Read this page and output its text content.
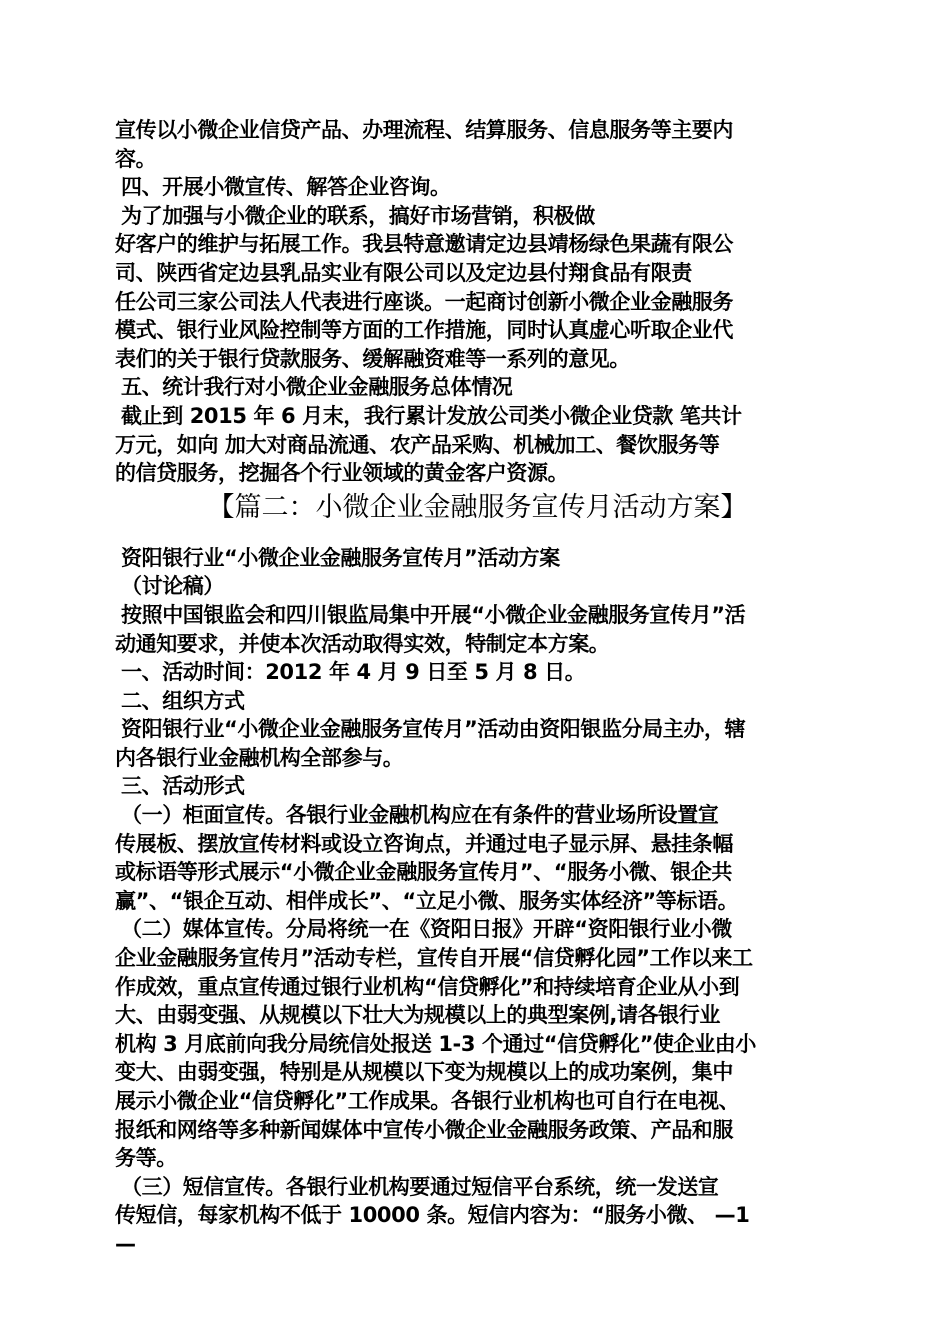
宣传以小微企业信贷产品、办理流程、结算服务、信息服务等主要内
容。
四、开展小微宣传、解答企业咨询。
为了加强与小微企业的联系，搞好市场营销，积极做
好客户的维护与拓展工作。我县特意邀请定边县靖杨绿色果蔬有限公
司、陕西省定边县乳品实业有限公司以及定边县付翔食品有限责
任公司三家公司法人代表进行座谈。一起商讨创新小微企业金融服务
模式、银行业风险控制等方面的工作措施，同时认真虚心听取企业代
表们的关于银行贷款服务、缓解融资难等一系列的意见。
五、统计我行对小微企业金融服务总体情况
截止到 2015 年 6 月末，我行累计发放公司类小微企业贷款 笔共计
万元，如向 加大对商品流通、农产品采购、机械加工、餐饮服务等
的信贷服务，挖掘各个行业领域的黄金客户资源。
【篇二：小微企业金融服务宣传月活动方案】
资阳银行业“小微企业金融服务宣传月”活动方案
（讨论稿）
按照中国银监会和四川银监局集中开展“小微企业金融服务宣传月”活
动通知要求，并使本次活动取得实效，特制定本方案。
一、活动时间：2012 年 4 月 9 日至 5 月 8 日。
二、组织方式
资阳银行业“小微企业金融服务宣传月”活动由资阳银监分局主办，辖
内各银行业金融机构全部参与。
三、活动形式
（一）柜面宣传。各银行业金融机构应在有条件的营业场所设置宣
传展板、摆放宣传材料或设立咨询点，并通过电子显示屏、悬挂条幅
或标语等形式展示“小微企业金融服务宣传月”、“服务小微、银企共
赢”、“银企互动、相伴成长”、“立足小微、服务实体经济”等标语。
（二）媒体宣传。分局将统一在《资阳日报》开辟“资阳银行业小微
企业金融服务宣传月”活动专栏，宣传自开展“信贷孵化园”工作以来工
作成效，重点宣传通过银行业机构“信贷孵化”和持续培育企业从小到
大、由弱变强、从规模以下壮大为规模以上的典型案例,请各银行业
机构 3 月底前向我分局统信处报送 1-3 个通过“信贷孵化”使企业由小
变大、由弱变强，特别是从规模以下变为规模以上的成功案例，集中
展示小微企业“信贷孵化”工作成果。各银行业机构也可自行在电视、
报纸和网络等多种新闻媒体中宣传小微企业金融服务政策、产品和服
务等。
（三）短信宣传。各银行业机构要通过短信平台系统，统一发送宣
传短信，每家机构不低于 10000 条。短信内容为：“服务小微、 —1
—
